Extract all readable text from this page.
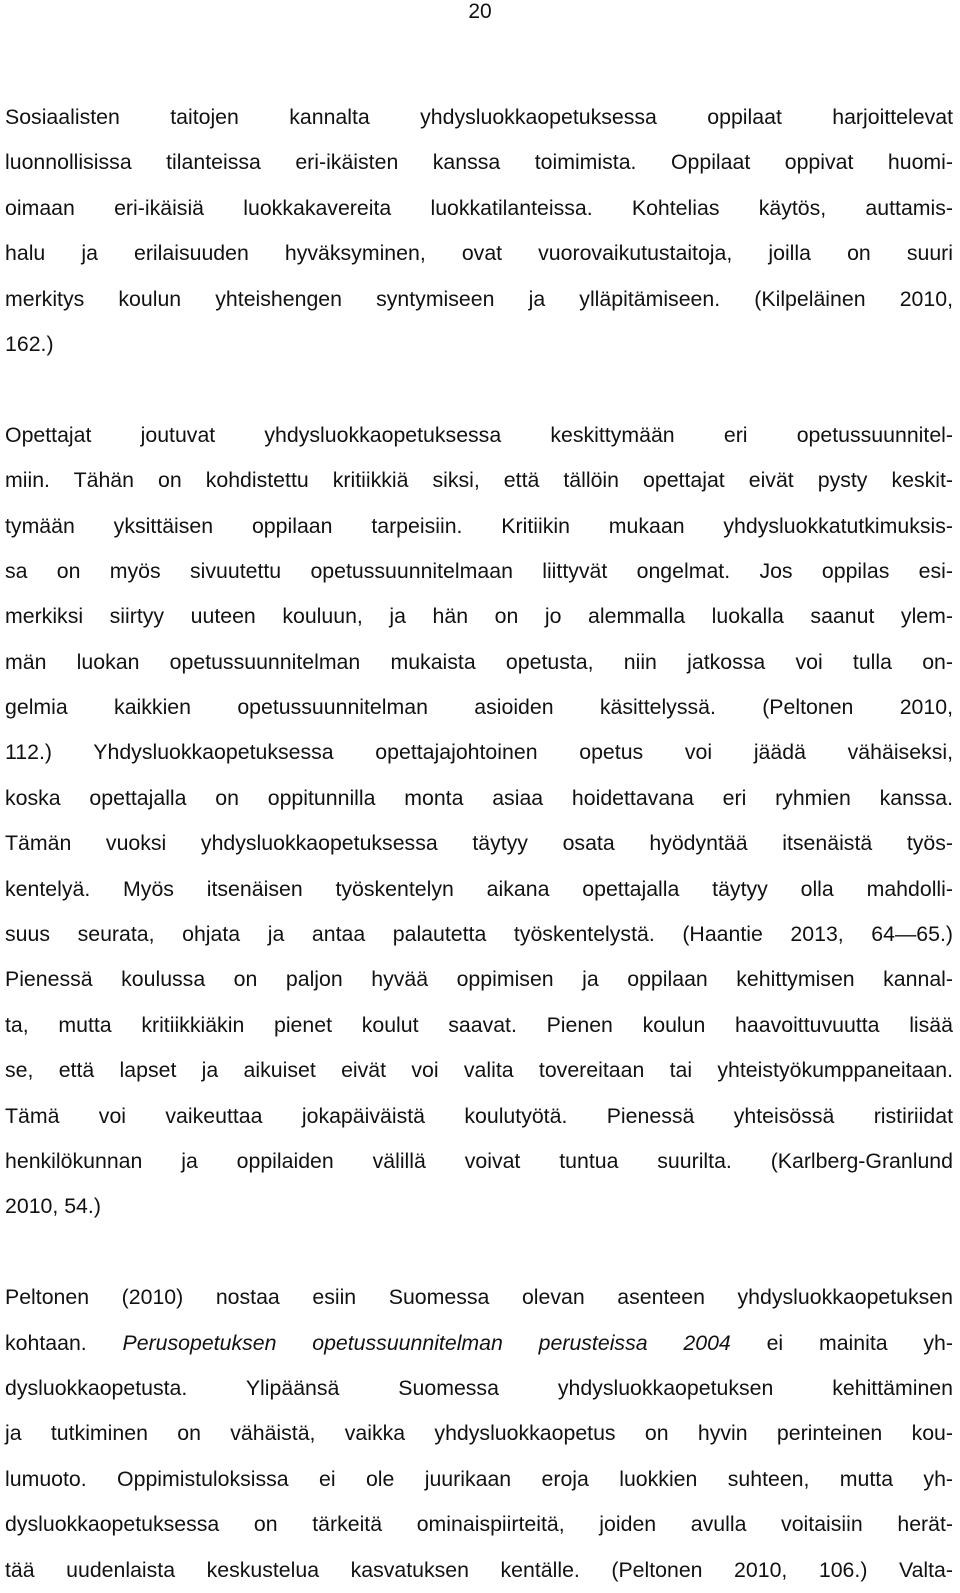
20
Sosiaalisten taitojen kannalta yhdysluokkaopetuksessa oppilaat harjoittelevat
luonnollisissa tilanteissa eri-ikäisten kanssa toimimista. Oppilaat oppivat huomi-
oimaan eri-ikäisiä luokkakavereita luokkatilanteissa. Kohtelias käytös, auttamis-
halu ja erilaisuuden hyväksyminen, ovat vuorovaikutustaitoja, joilla on suuri
merkitys koulun yhteishengen syntymiseen ja ylläpitämiseen. (Kilpeläinen 2010,
162.)
Opettajat joutuvat yhdysluokkaopetuksessa keskittymään eri opetussuunnitel-
miin. Tähän on kohdistettu kritiikkiä siksi, että tällöin opettajat eivät pysty keskit-
tymään yksittäisen oppilaan tarpeisiin. Kritiikin mukaan yhdysluokkatutkimuksis-
sa on myös sivuutettu opetussuunnitelmaan liittyvät ongelmat. Jos oppilas esi-
merkiksi siirtyy uuteen kouluun, ja hän on jo alemmalla luokalla saanut ylem-
män luokan opetussuunnitelman mukaista opetusta, niin jatkossa voi tulla on-
gelmia kaikkien opetussuunnitelman asioiden käsittelyssä. (Peltonen 2010,
112.) Yhdysluokkaopetuksessa opettajajohtoinen opetus voi jäädä vähäiseksi,
koska opettajalla on oppitunnilla monta asiaa hoidettavana eri ryhmien kanssa.
Tämän vuoksi yhdysluokkaopetuksessa täytyy osata hyödyntää itsenäistä työs-
kentelyä. Myös itsenäisen työskentelyn aikana opettajalla täytyy olla mahdolli-
suus seurata, ohjata ja antaa palautetta työskentelystä. (Haantie 2013, 64—65.)
Pienessä koulussa on paljon hyvää oppimisen ja oppilaan kehittymisen kannal-
ta, mutta kritiikkiäkin pienet koulut saavat. Pienen koulun haavoittuvuutta lisää
se, että lapset ja aikuiset eivät voi valita tovereitaan tai yhteistyökumppaneitaan.
Tämä voi vaikeuttaa jokapäiväistä koulutyötä. Pienessä yhteisössä ristiriidat
henkilökunnan ja oppilaiden välillä voivat tuntua suurilta. (Karlberg-Granlund
2010, 54.)
Peltonen (2010) nostaa esiin Suomessa olevan asenteen yhdysluokkaopetuksen
kohtaan. Perusopetuksen opetussuunnitelman perusteissa 2004 ei mainita yh-
dysluokkaopetusta. Ylipäänsä Suomessa yhdysluokkaopetuksen kehittäminen
ja tutkiminen on vähäistä, vaikka yhdysluokkaopetus on hyvin perinteinen kou-
lumuoto. Oppimistuloksissa ei ole juurikaan eroja luokkien suhteen, mutta yh-
dysluokkaopetuksessa on tärkeitä ominaispiirteitä, joiden avulla voitaisiin herät-
tää uudenlaista keskustelua kasvatuksen kentälle. (Peltonen 2010, 106.) Valta-
